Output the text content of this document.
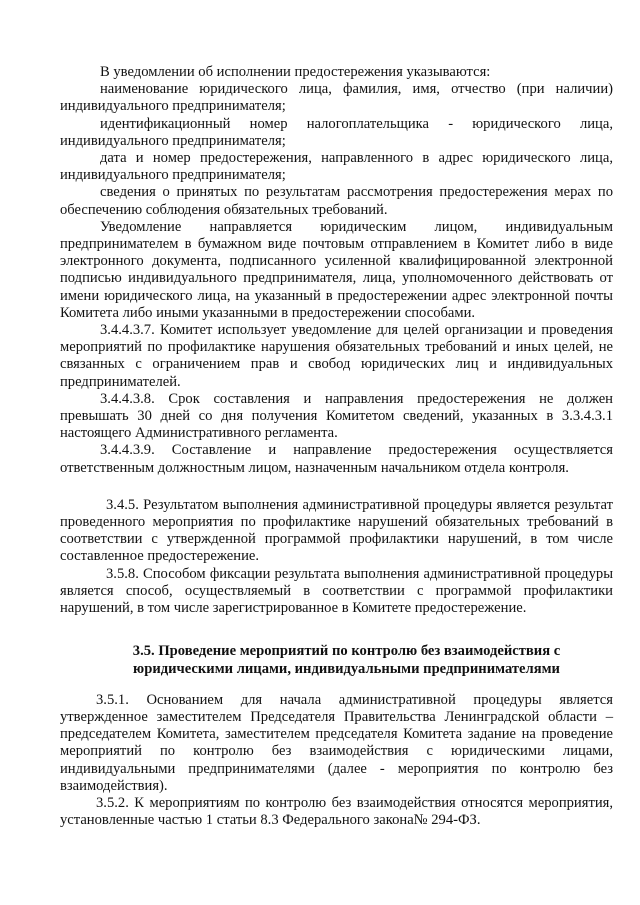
В уведомлении об исполнении предостережения указываются:

наименование юридического лица, фамилия, имя, отчество (при наличии) индивидуального предпринимателя;

идентификационный номер налогоплательщика - юридического лица, индивидуального предпринимателя;

дата и номер предостережения, направленного в адрес юридического лица, индивидуального предпринимателя;

сведения о принятых по результатам рассмотрения предостережения мерах по обеспечению соблюдения обязательных требований.

Уведомление направляется юридическим лицом, индивидуальным предпринимателем в бумажном виде почтовым отправлением в Комитет либо в виде электронного документа, подписанного усиленной квалифицированной электронной подписью индивидуального предпринимателя, лица, уполномоченного действовать от имени юридического лица, на указанный в предостережении адрес электронной почты Комитета либо иными указанными в предостережении способами.

3.4.4.3.7. Комитет использует уведомление для целей организации и проведения мероприятий по профилактике нарушения обязательных требований и иных целей, не связанных с ограничением прав и свобод юридических лиц и индивидуальных предпринимателей.

3.4.4.3.8. Срок составления и направления предостережения не должен превышать 30 дней со дня получения Комитетом сведений, указанных в 3.3.4.3.1 настоящего Административного регламента.

3.4.4.3.9. Составление и направление предостережения осуществляется ответственным должностным лицом, назначенным начальником отдела контроля.

3.4.5. Результатом выполнения административной процедуры является результат проведенного мероприятия по профилактике нарушений обязательных требований в соответствии с утвержденной программой профилактики нарушений, в том числе составленное предостережение.

3.5.8. Способом фиксации результата выполнения административной процедуры является способ, осуществляемый в соответствии с программой профилактики нарушений, в том числе зарегистрированное в Комитете предостережение.

3.5. Проведение мероприятий по контролю без взаимодействия с

юридическими лицами, индивидуальными предпринимателями

3.5.1. Основанием для начала административной процедуры является утвержденное заместителем Председателя Правительства Ленинградской области – председателем Комитета, заместителем председателя Комитета задание на проведение мероприятий по контролю без взаимодействия с юридическими лицами, индивидуальными предпринимателями (далее - мероприятия по контролю без взаимодействия).

3.5.2. К мероприятиям по контролю без взаимодействия относятся мероприятия, установленные частью 1 статьи 8.3 Федерального закона№ 294-ФЗ.
